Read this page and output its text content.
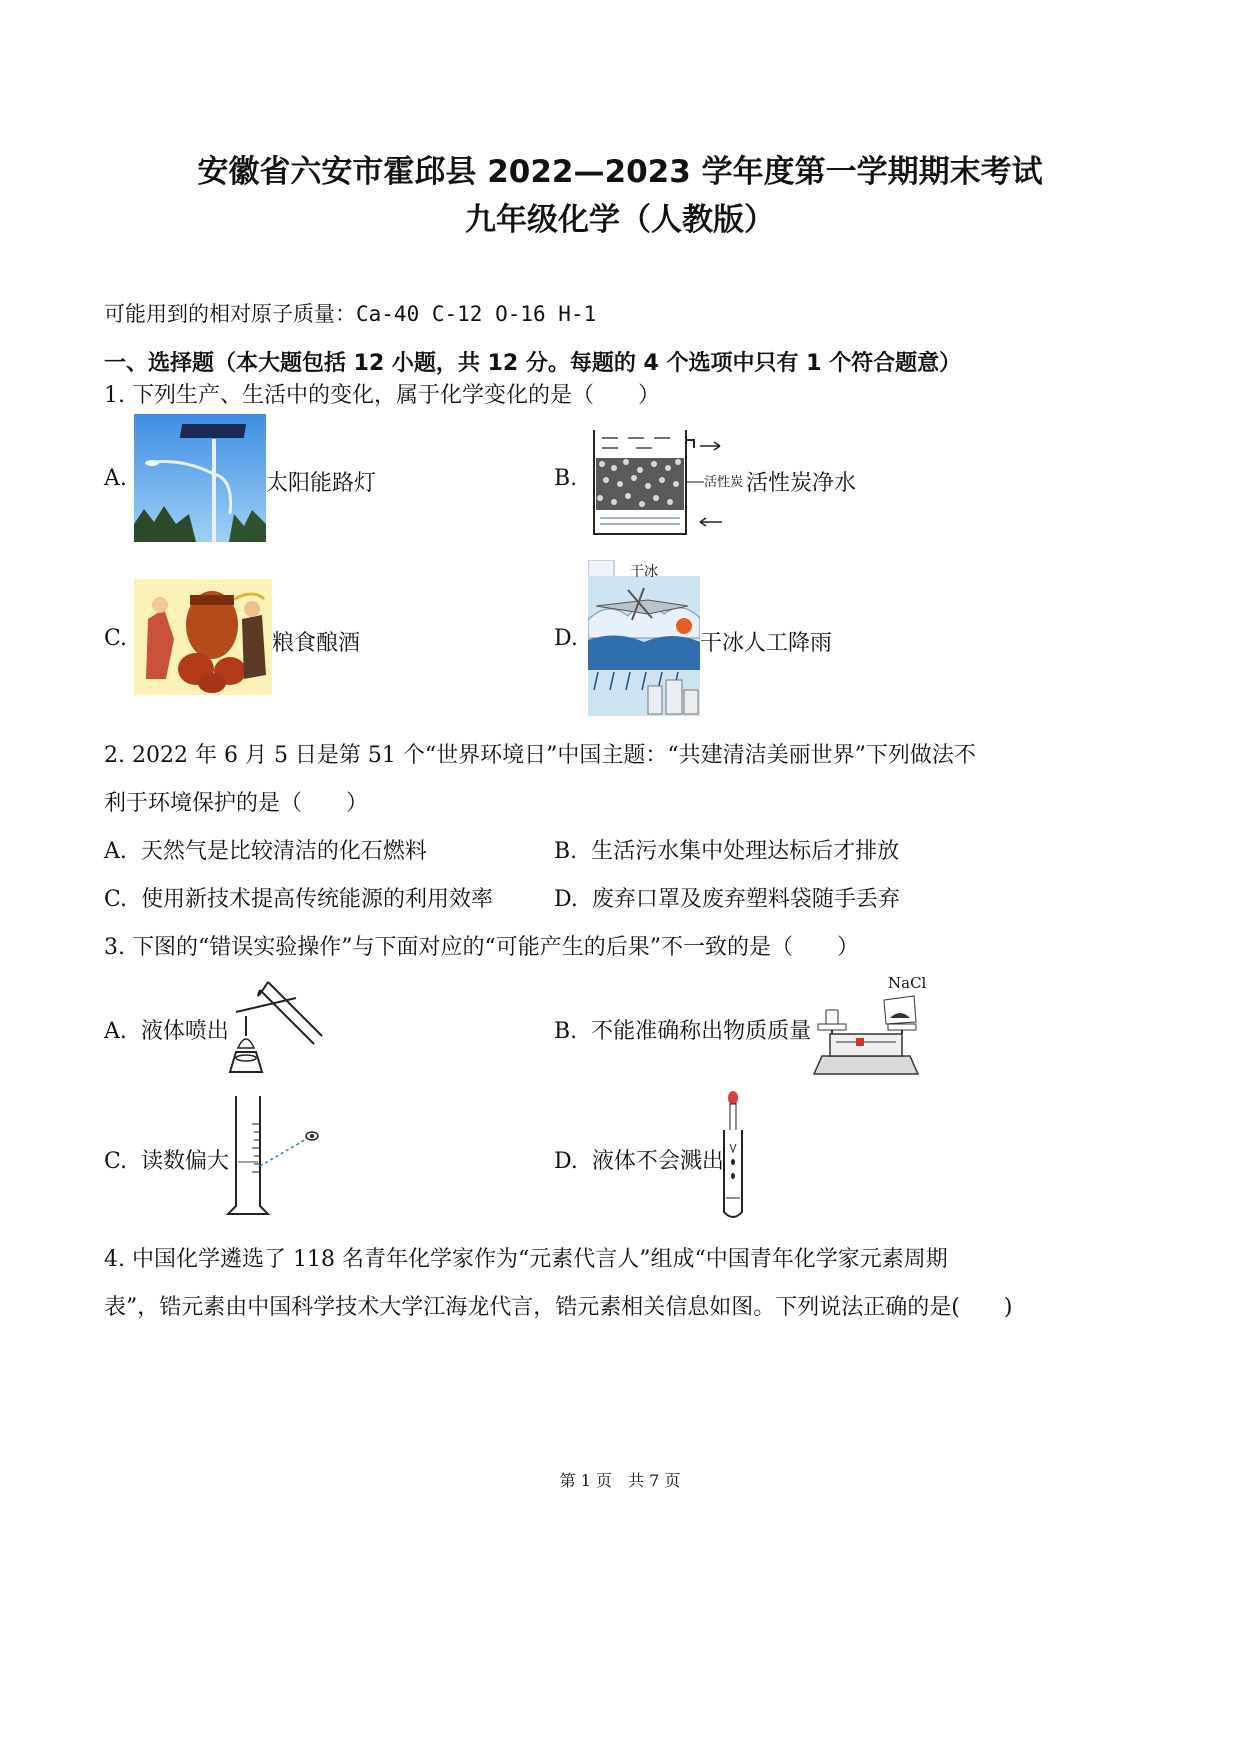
安徽省六安市霍邱县 2022—2023 学年度第一学期期末考试
九年级化学（人教版）
可能用到的相对原子质量：Ca-40 C-12 O-16 H-1
一、选择题（本大题包括 12 小题，共 12 分。每题的 4 个选项中只有 1 个符合题意）
1. 下列生产、生活中的变化，属于化学变化的是（　　）
A.	太阳能路灯	B.	活性炭 活性炭净水
C.	粮食酿酒	D.
干冰
干冰人工降雨
2. 2022 年 6 月 5 日是第 51 个“世界环境日”中国主题：“共建清洁美丽世界”下列做法不
利于环境保护的是（　　）
A. 天然气是比较清洁的化石燃料	B. 生活污水集中处理达标后才排放
C. 使用新技术提高传统能源的利用效率	D. 废弃口罩及废弃塑料袋随手丢弃
3. 下图的“错误实验操作”与下面对应的“可能产生的后果”不一致的是（　　）
A. 液体喷出	B. 不能准确称出物质质量
NaCl
C. 读数偏大	D. 液体不会溅出
4. 中国化学遴选了 118 名青年化学家作为“元素代言人”组成“中国青年化学家元素周期
表”，锆元素由中国科学技术大学江海龙代言，锆元素相关信息如图。下列说法正确的是(　　)
第 1 页　共 7 页
